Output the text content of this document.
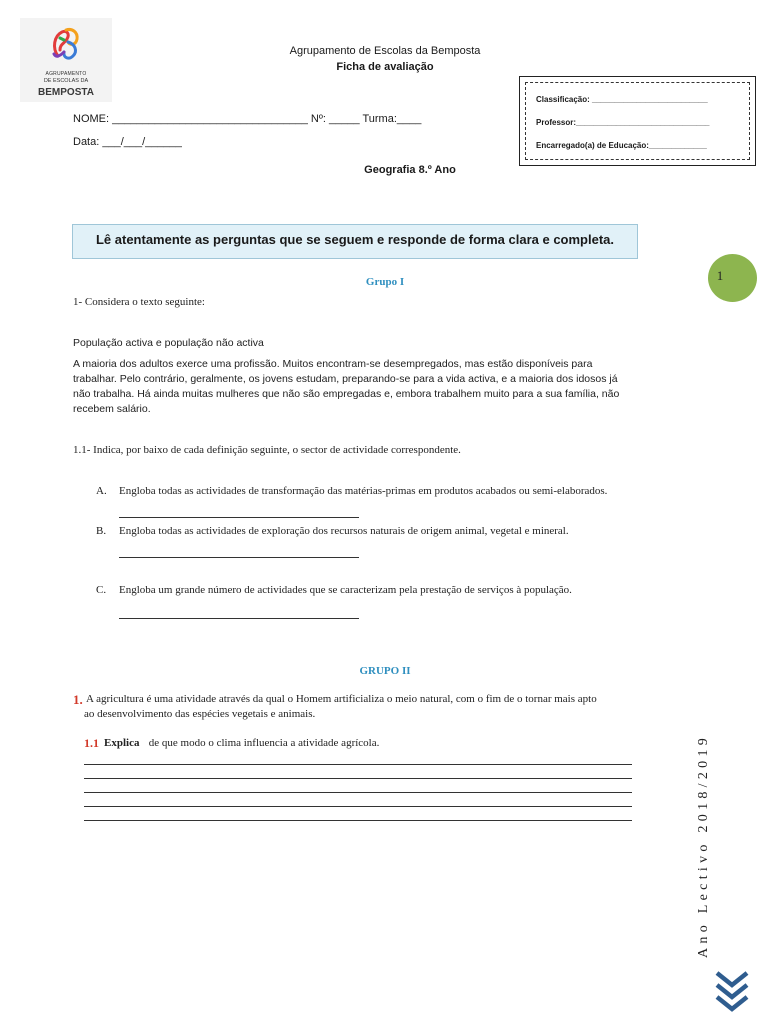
AGRUPAMENTO
DE ESCOLAS DA
BEMPOSTA
Agrupamento de Escolas da Bemposta
Ficha de avaliação
NOME: ________________________________ Nº: _____ Turma:____
Data: ___/___/______
Classificação: __________________________
Professor:______________________________
Encarregado(a) de Educação:_____________
Geografia 8.º Ano
Lê atentamente as perguntas que se seguem e responde de forma clara e completa.
1
Grupo I
1- Considera o texto seguinte:
População activa e população não activa
A maioria dos adultos exerce uma profissão. Muitos encontram-se desempregados, mas estão disponíveis para
trabalhar. Pelo contrário, geralmente, os jovens estudam, preparando-se para a vida activa, e a maioria dos idosos já
não trabalha. Há ainda muitas mulheres que não são empregadas e, embora trabalhem muito para a sua família, não
recebem salário.
1.1- Indica, por baixo de cada definição seguinte, o sector de actividade correspondente.
A.	Engloba todas as actividades de transformação das matérias-primas em produtos acabados ou semi-elaborados.
B.	Engloba todas as actividades de exploração dos recursos naturais de origem animal, vegetal e mineral.
C.	Engloba um grande número de actividades que se caracterizam pela prestação de serviços à população.
GRUPO II
1. A agricultura é uma atividade através da qual o Homem artificializa o meio natural, com o fim de o tornar mais apto
ao desenvolvimento das espécies vegetais e animais.
1.1 Explica de que modo o clima influencia a atividade agrícola.	Ano Lectivo 2018/2019
